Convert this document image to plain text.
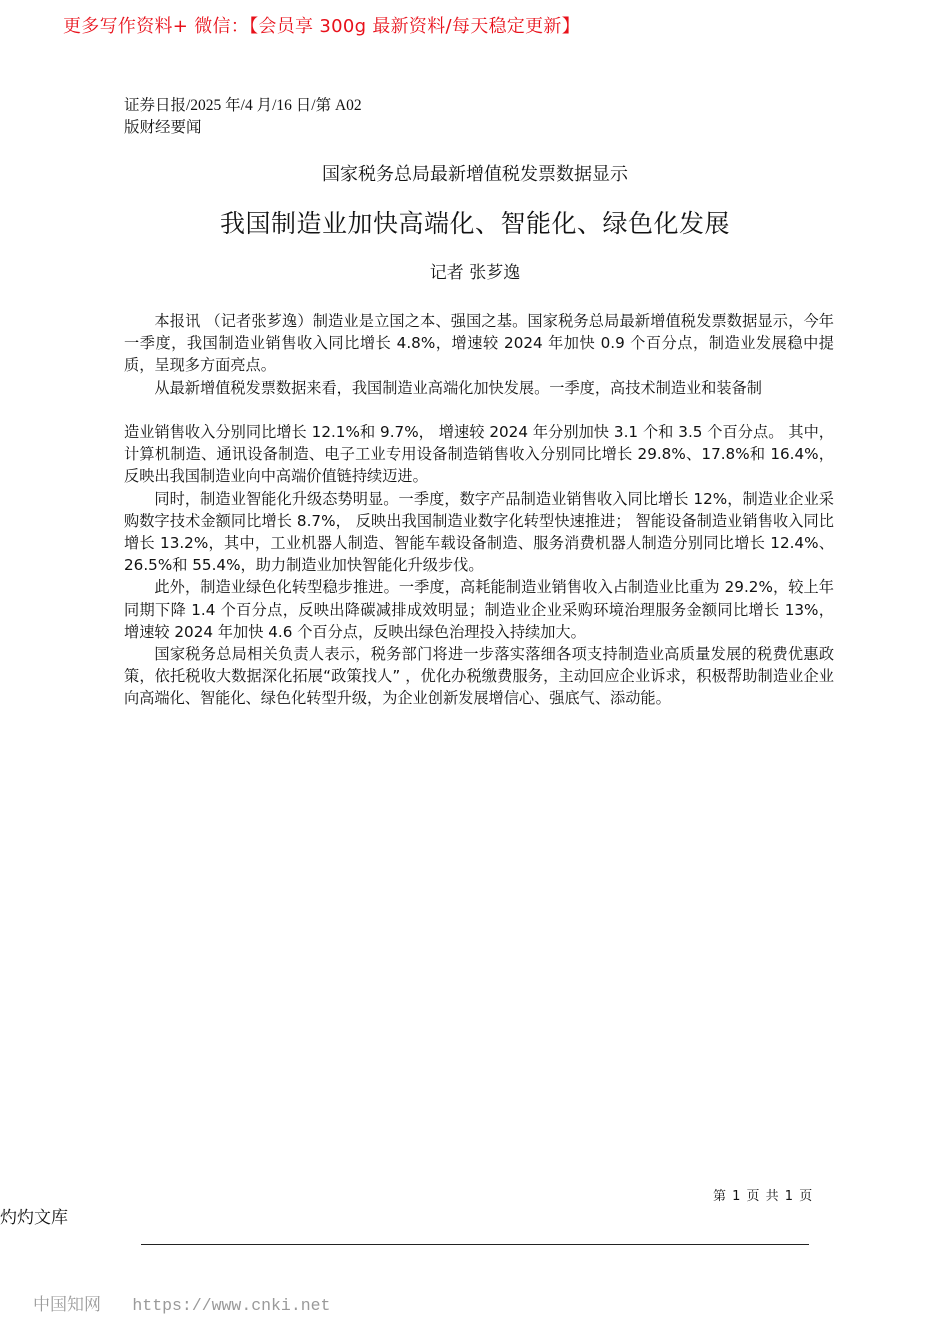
更多写作资料+ 微信：【会员享 300g 最新资料/每天稳定更新】
证券日报/2025 年/4 月/16 日/第 A02
版财经要闻
国家税务总局最新增值税发票数据显示
我国制造业加快高端化、智能化、绿色化发展
记者 张芗逸

本报讯 （记者张芗逸）制造业是立国之本、强国之基。国家税务总局最新增值税发票数据显示，今年一季度，我国制造业销售收入同比增长 4.8%，增速较 2024 年加快 0.9 个百分点，制造业发展稳中提质，呈现多方面亮点。

从最新增值税发票数据来看，我国制造业高端化加快发展。一季度，高技术制造业和装备制

造业销售收入分别同比增长 12.1%和 9.7%， 增速较 2024 年分别加快 3.1 个和 3.5 个百分点。 其中，计算机制造、通讯设备制造、电子工业专用设备制造销售收入分别同比增长 29.8%、17.8%和 16.4%，反映出我国制造业向中高端价值链持续迈进。

同时，制造业智能化升级态势明显。一季度，数字产品制造业销售收入同比增长 12%，制造业企业采购数字技术金额同比增长 8.7%， 反映出我国制造业数字化转型快速推进； 智能设备制造业销售收入同比增长 13.2%，其中，工业机器人制造、智能车载设备制造、服务消费机器人制造分别同比增长 12.4%、26.5%和 55.4%，助力制造业加快智能化升级步伐。

此外，制造业绿色化转型稳步推进。一季度，高耗能制造业销售收入占制造业比重为 29.2%，较上年同期下降 1.4 个百分点，反映出降碳减排成效明显；制造业企业采购环境治理服务金额同比增长 13%，增速较 2024 年加快 4.6 个百分点，反映出绿色治理投入持续加大。

国家税务总局相关负责人表示，税务部门将进一步落实落细各项支持制造业高质量发展的税费优惠政策，依托税收大数据深化拓展“政策找人” ，优化办税缴费服务，主动回应企业诉求，积极帮助制造业企业向高端化、智能化、绿色化转型升级，为企业创新发展增信心、强底气、添动能。

第 1 页 共 1 页
灼灼文库
中国知网 https://www.cnki.net
